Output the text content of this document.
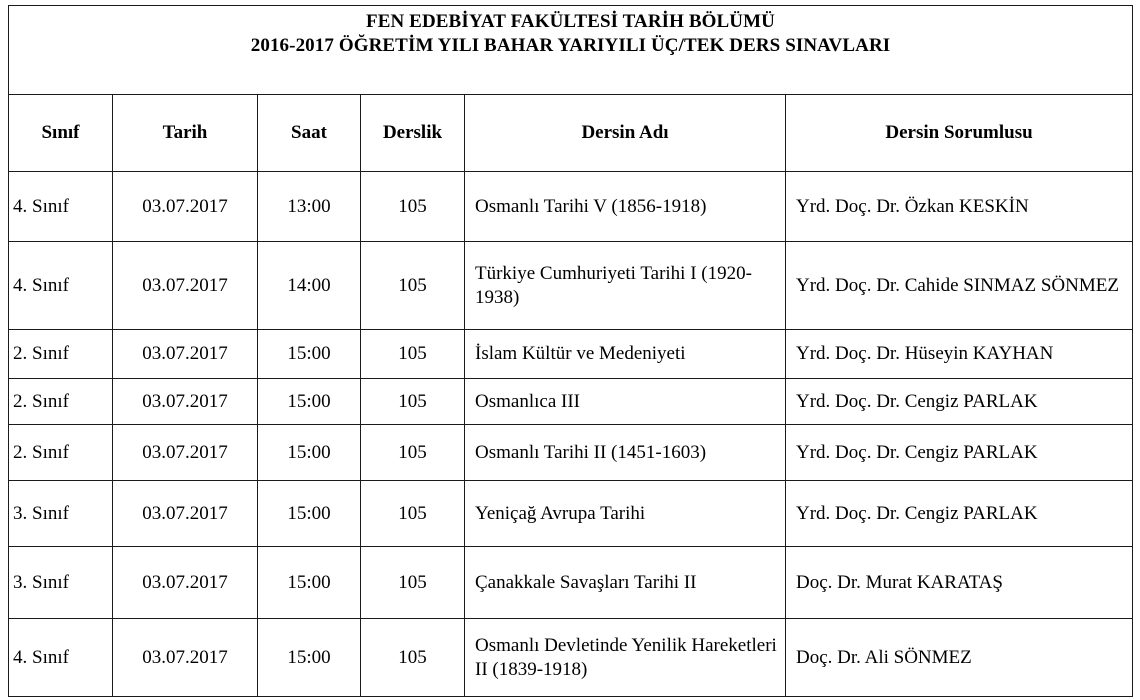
FEN EDEBİYAT FAKÜLTESİ TARİH BÖLÜMÜ
2016-2017 ÖĞRETİM YILI BAHAR YARIYILI ÜÇ/TEK DERS SINAVLARI					

Sınıf	Tarih	Saat	Derslik	Dersin Adı	Dersin Sorumlusu
4. Sınıf	03.07.2017	13:00	105	Osmanlı Tarihi V (1856-1918)	Yrd. Doç. Dr. Özkan KESKİN
4. Sınıf	03.07.2017	14:00	105	Türkiye Cumhuriyeti Tarihi I (1920-1938)	Yrd. Doç. Dr. Cahide SINMAZ SÖNMEZ
2. Sınıf	03.07.2017	15:00	105	İslam Kültür ve Medeniyeti	Yrd. Doç. Dr. Hüseyin KAYHAN
2. Sınıf	03.07.2017	15:00	105	Osmanlıca III	Yrd. Doç. Dr. Cengiz PARLAK
2. Sınıf	03.07.2017	15:00	105	Osmanlı Tarihi II (1451-1603)	Yrd. Doç. Dr. Cengiz PARLAK
3. Sınıf	03.07.2017	15:00	105	Yeniçağ Avrupa Tarihi	Yrd. Doç. Dr. Cengiz PARLAK
3. Sınıf	03.07.2017	15:00	105	Çanakkale Savaşları Tarihi II	Doç. Dr. Murat KARATAŞ
4. Sınıf	03.07.2017	15:00	105	Osmanlı Devletinde Yenilik Hareketleri II (1839-1918)	Doç. Dr. Ali SÖNMEZ
